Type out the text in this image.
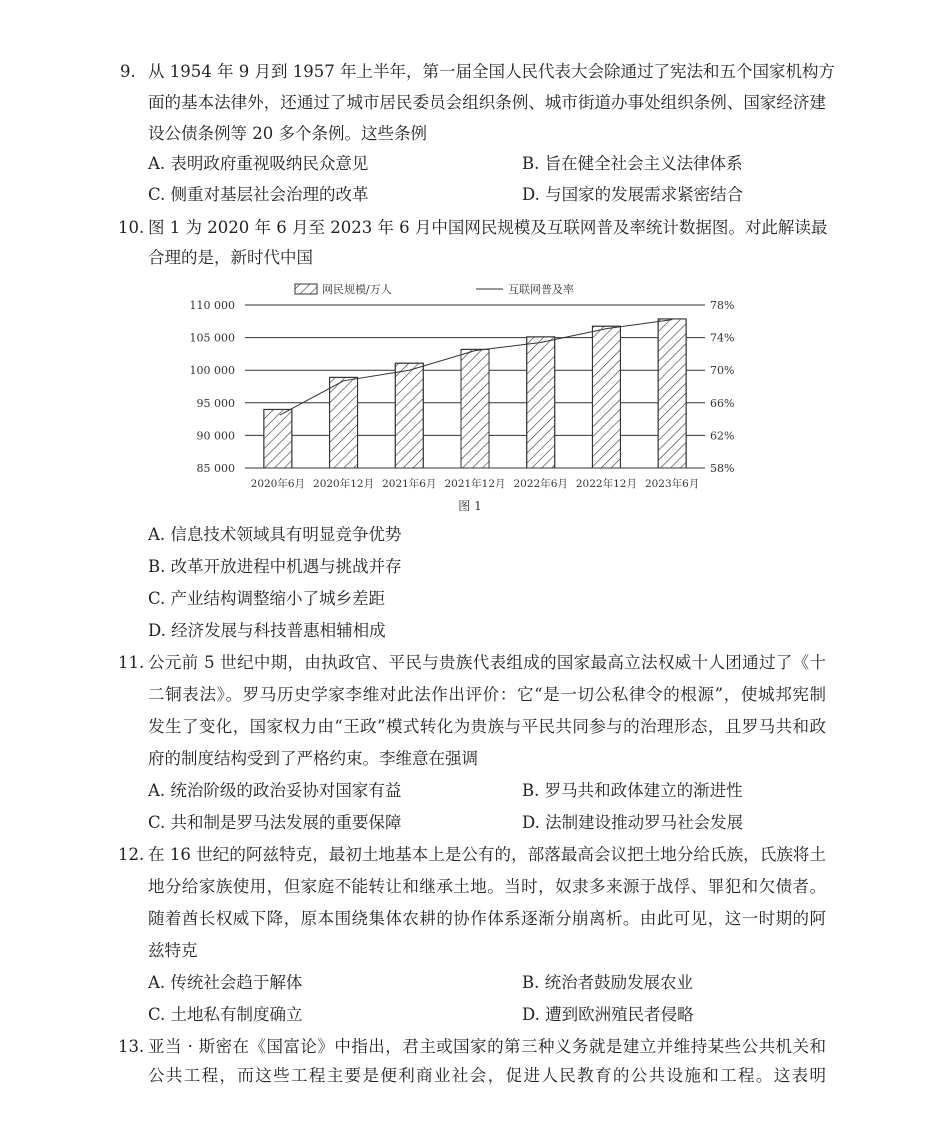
9. 从 1954 年 9 月到 1957 年上半年，第一届全国人民代表大会除通过了宪法和五个国家机构方
面的基本法律外，还通过了城市居民委员会组织条例、城市街道办事处组织条例、国家经济建
设公债条例等 20 多个条例。这些条例
A. 表明政府重视吸纳民众意见	B. 旨在健全社会主义法律体系
C. 侧重对基层社会治理的改革	D. 与国家的发展需求紧密结合
10. 图 1 为 2020 年 6 月至 2023 年 6 月中国网民规模及互联网普及率统计数据图。对此解读最
合理的是，新时代中国
网民规模/万人	互联网普及率
85 000	58%
90 000	62%
95 000	66%
100 000	70%
105 000	74%
110 000	78%
2020年6月 2020年12月 2021年6月 2021年12月 2022年6月 2022年12月 2023年6月
图 1
A. 信息技术领域具有明显竞争优势
B. 改革开放进程中机遇与挑战并存
C. 产业结构调整缩小了城乡差距
D. 经济发展与科技普惠相辅相成
11. 公元前 5 世纪中期，由执政官、平民与贵族代表组成的国家最高立法权威十人团通过了《十
二铜表法》。罗马历史学家李维对此法作出评价：它“是一切公私律令的根源”，使城邦宪制
发生了变化，国家权力由“王政”模式转化为贵族与平民共同参与的治理形态，且罗马共和政
府的制度结构受到了严格约束。李维意在强调
A. 统治阶级的政治妥协对国家有益	B. 罗马共和政体建立的渐进性
C. 共和制是罗马法发展的重要保障	D. 法制建设推动罗马社会发展
12. 在 16 世纪的阿兹特克，最初土地基本上是公有的，部落最高会议把土地分给氏族，氏族将土
地分给家族使用，但家庭不能转让和继承土地。当时，奴隶多来源于战俘、罪犯和欠债者。
随着酋长权威下降，原本围绕集体农耕的协作体系逐渐分崩离析。由此可见，这一时期的阿
兹特克
A. 传统社会趋于解体	B. 统治者鼓励发展农业
C. 土地私有制度确立	D. 遭到欧洲殖民者侵略
13. 亚当 · 斯密在《国富论》中指出，君主或国家的第三种义务就是建立并维持某些公共机关和
公共工程，而这些工程主要是便利商业社会，促进人民教育的公共设施和工程。这表明
